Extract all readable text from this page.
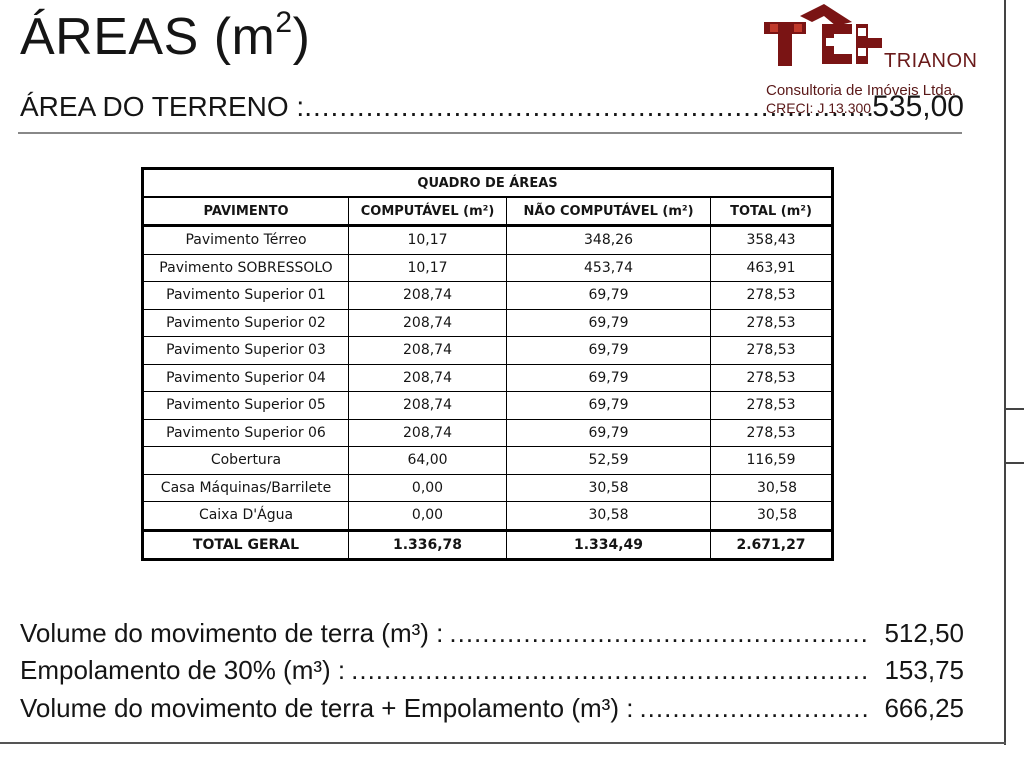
ÁREAS $(m^2)$
ÁREA DO TERRENO : .....	535,00
TRIANON
Consultoria de Imóveis Ltda.
CRECI: J 13.300
QUADRO DE ÁREAS			
PAVIMENTO	COMPUTÁVEL (m²)	NÃO COMPUTÁVEL (m²)	TOTAL (m²)
Pavimento Térreo	10,17	348,26	358,43
Pavimento SOBRESSOLO	10,17	453,74	463,91
Pavimento Superior 01	208,74	69,79	278,53
Pavimento Superior 02	208,74	69,79	278,53
Pavimento Superior 03	208,74	69,79	278,53
Pavimento Superior 04	208,74	69,79	278,53
Pavimento Superior 05	208,74	69,79	278,53
Pavimento Superior 06	208,74	69,79	278,53
Cobertura	64,00	52,59	116,59
Casa Máquinas/Barrilete	0,00	30,58	30,58
Caixa D'Água	0,00	30,58	30,58
TOTAL GERAL	1.336,78	1.334,49	2.671,27
Volume do movimento de terra (m³) : .....	512,50
Empolamento de 30% (m³) : .....	153,75
Volume do movimento de terra + Empolamento (m³) : .....	666,25
